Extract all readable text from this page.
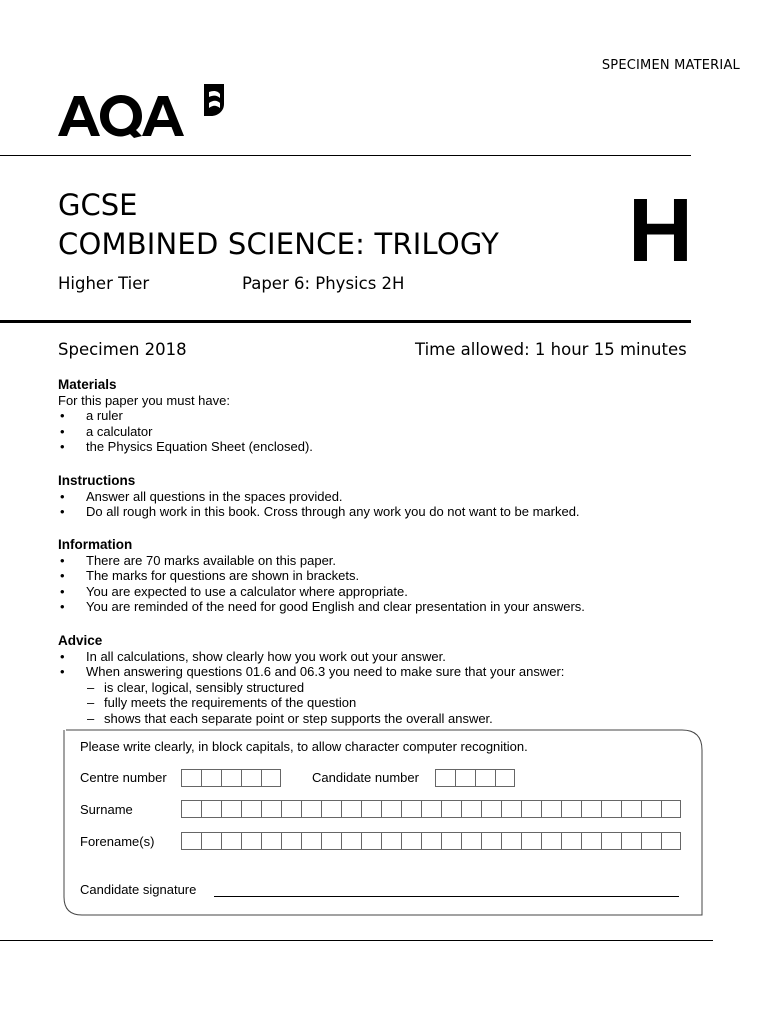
SPECIMEN MATERIAL
GCSE
COMBINED SCIENCE: TRILOGY H
Higher Tier	Paper 6: Physics 2H
Specimen 2018	Time allowed: 1 hour 15 minutes
Materials
For this paper you must have:
• a ruler
• a calculator
• the Physics Equation Sheet (enclosed).
Instructions
• Answer all questions in the spaces provided.
• Do all rough work in this book. Cross through any work you do not want to be marked.
Information
• There are 70 marks available on this paper.
• The marks for questions are shown in brackets.
• You are expected to use a calculator where appropriate.
• You are reminded of the need for good English and clear presentation in your answers.
Advice
• In all calculations, show clearly how you work out your answer.
• When answering questions 01.6 and 06.3 you need to make sure that your answer:
– is clear, logical, sensibly structured
– fully meets the requirements of the question
– shows that each separate point or step supports the overall answer.
Please write clearly, in block capitals, to allow character computer recognition.
Centre number	Candidate number
Surname
Forename(s)
Candidate signature
